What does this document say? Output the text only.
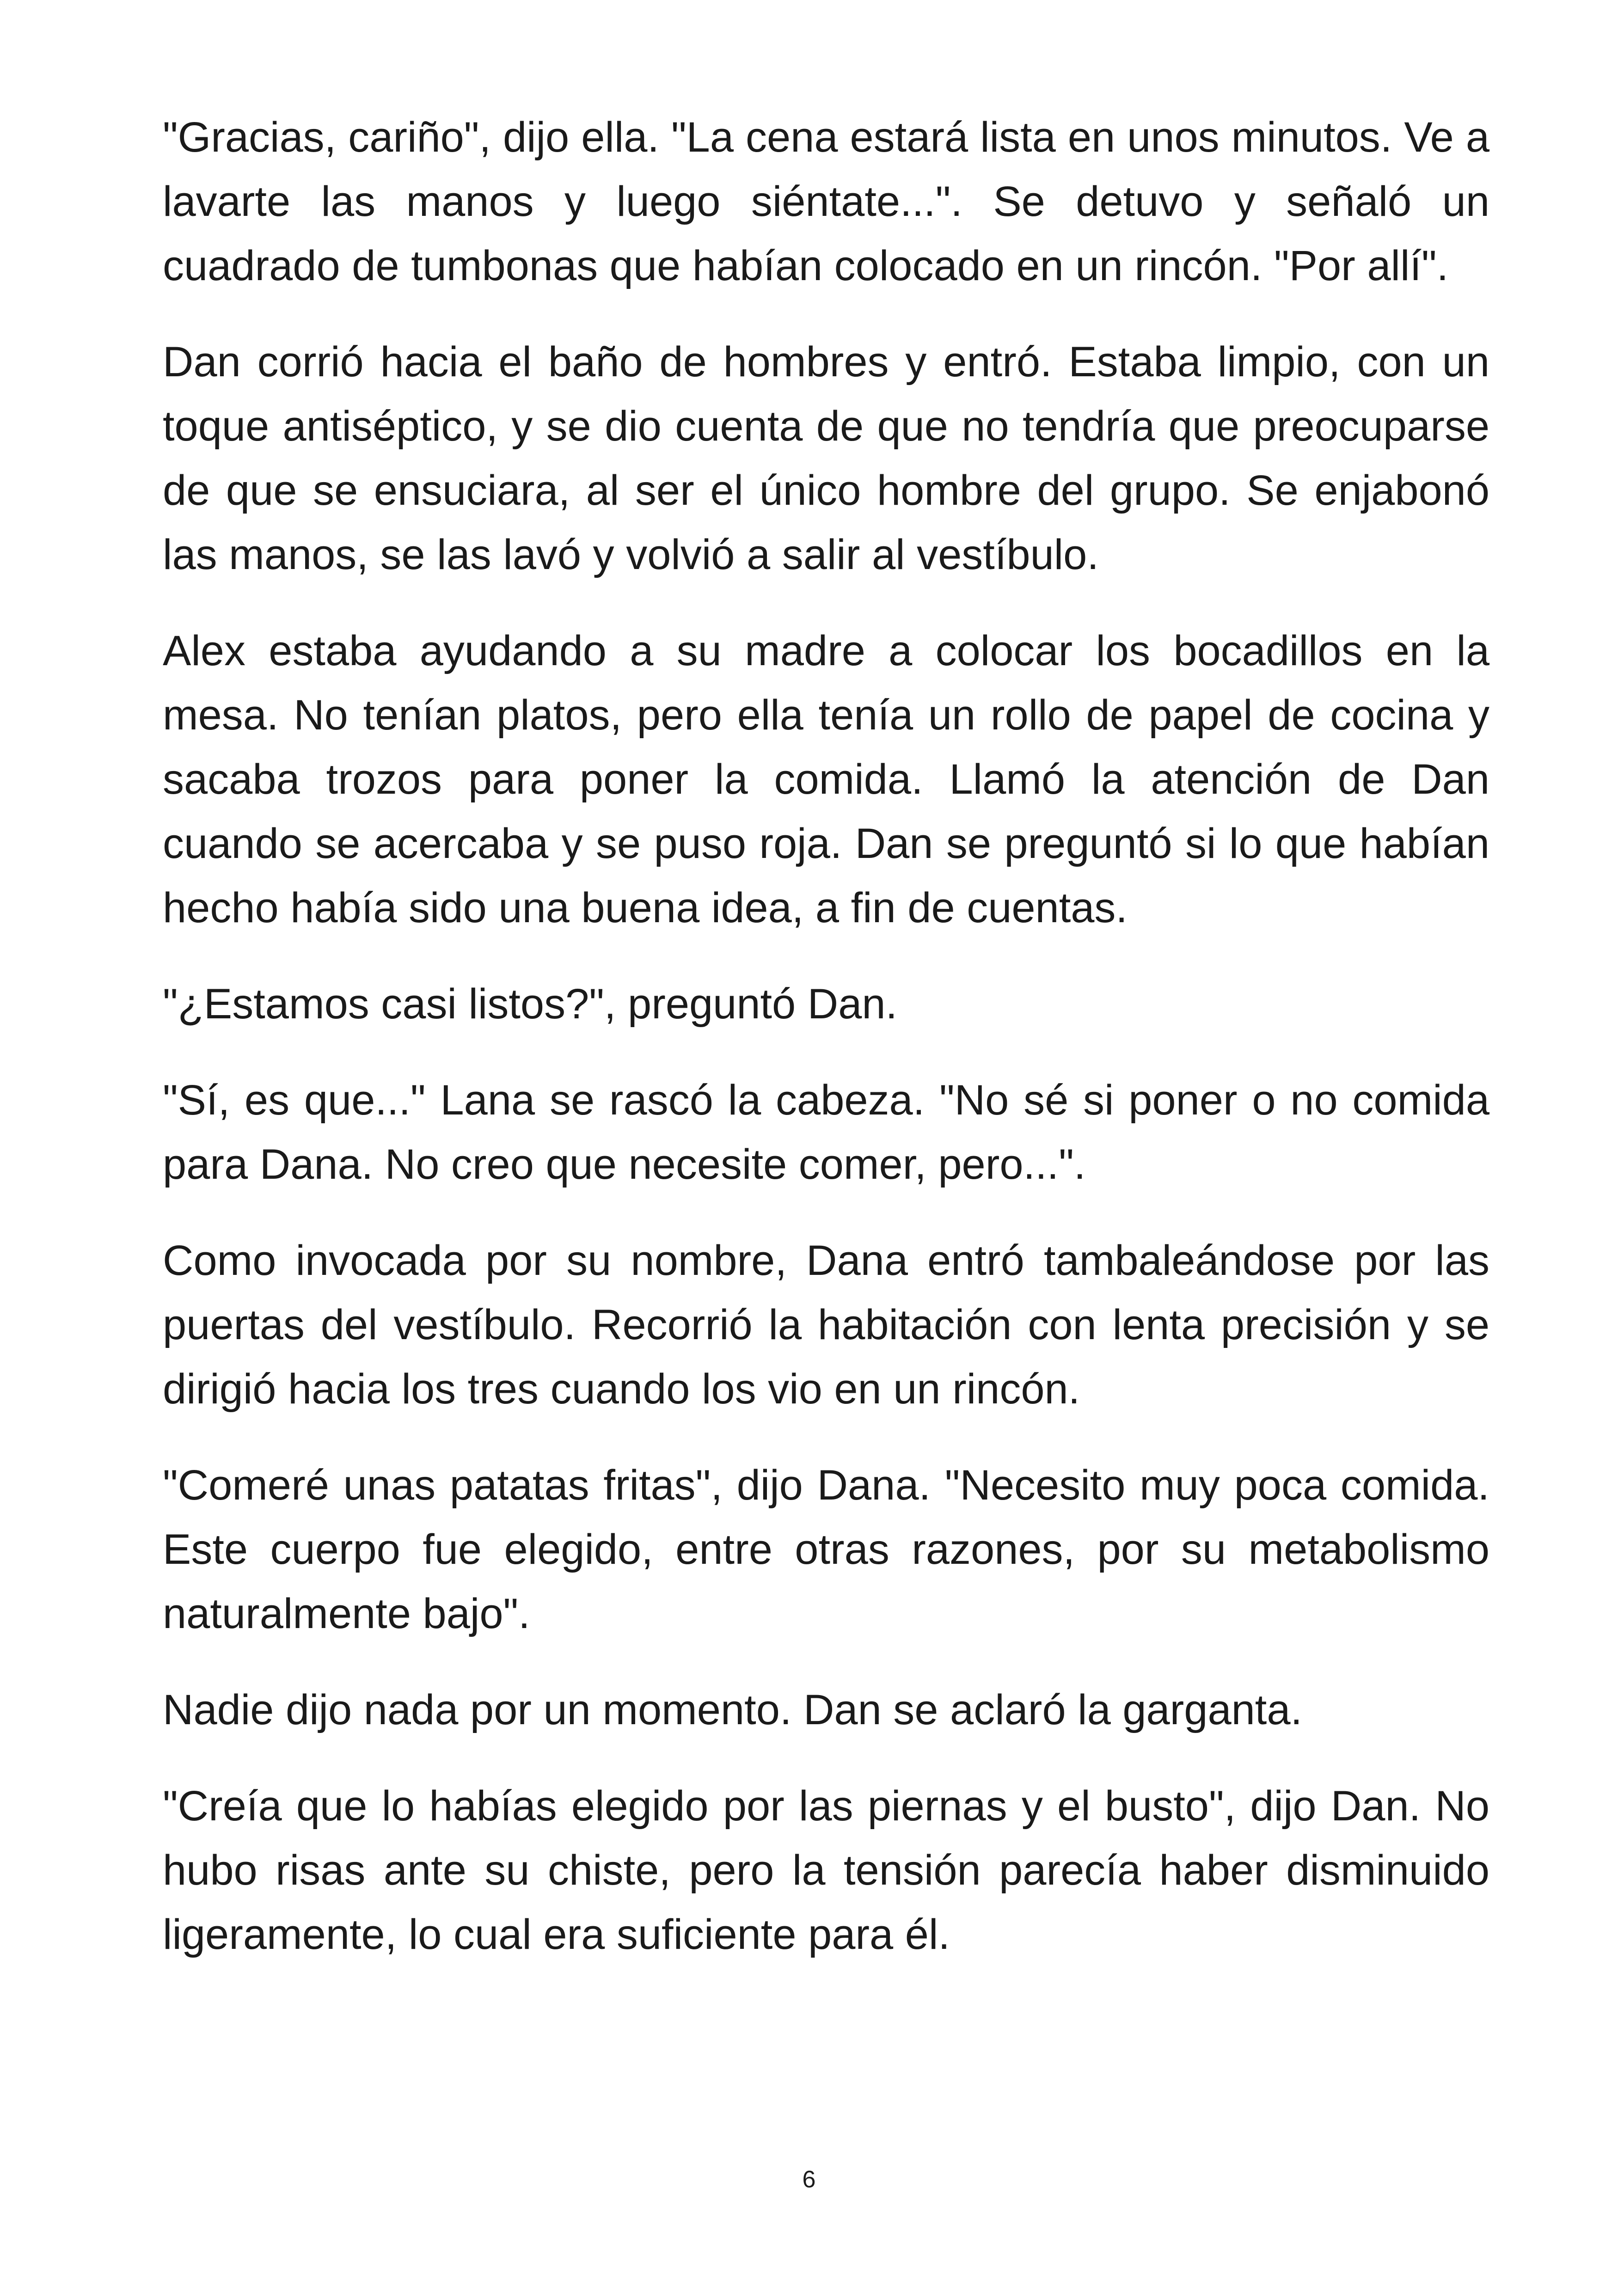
"Gracias, cariño", dijo ella. "La cena estará lista en unos minutos. Ve a lavarte las manos y luego siéntate...". Se detuvo y señaló un cuadrado de tumbonas que habían colocado en un rincón. "Por allí".

Dan corrió hacia el baño de hombres y entró. Estaba limpio, con un toque antiséptico, y se dio cuenta de que no tendría que preocuparse de que se ensuciara, al ser el único hombre del grupo. Se enjabonó las manos, se las lavó y volvió a salir al vestíbulo.

Alex estaba ayudando a su madre a colocar los bocadillos en la mesa. No tenían platos, pero ella tenía un rollo de papel de cocina y sacaba trozos para poner la comida. Llamó la atención de Dan cuando se acercaba y se puso roja. Dan se preguntó si lo que habían hecho había sido una buena idea, a fin de cuentas.

"¿Estamos casi listos?", preguntó Dan.

"Sí, es que..." Lana se rascó la cabeza. "No sé si poner o no comida para Dana. No creo que necesite comer, pero...".

Como invocada por su nombre, Dana entró tambaleándose por las puertas del vestíbulo. Recorrió la habitación con lenta precisión y se dirigió hacia los tres cuando los vio en un rincón.

"Comeré unas patatas fritas", dijo Dana. "Necesito muy poca comida. Este cuerpo fue elegido, entre otras razones, por su metabolismo naturalmente bajo".

Nadie dijo nada por un momento. Dan se aclaró la garganta.

"Creía que lo habías elegido por las piernas y el busto", dijo Dan. No hubo risas ante su chiste, pero la tensión parecía haber disminuido ligeramente, lo cual era suficiente para él.

6
